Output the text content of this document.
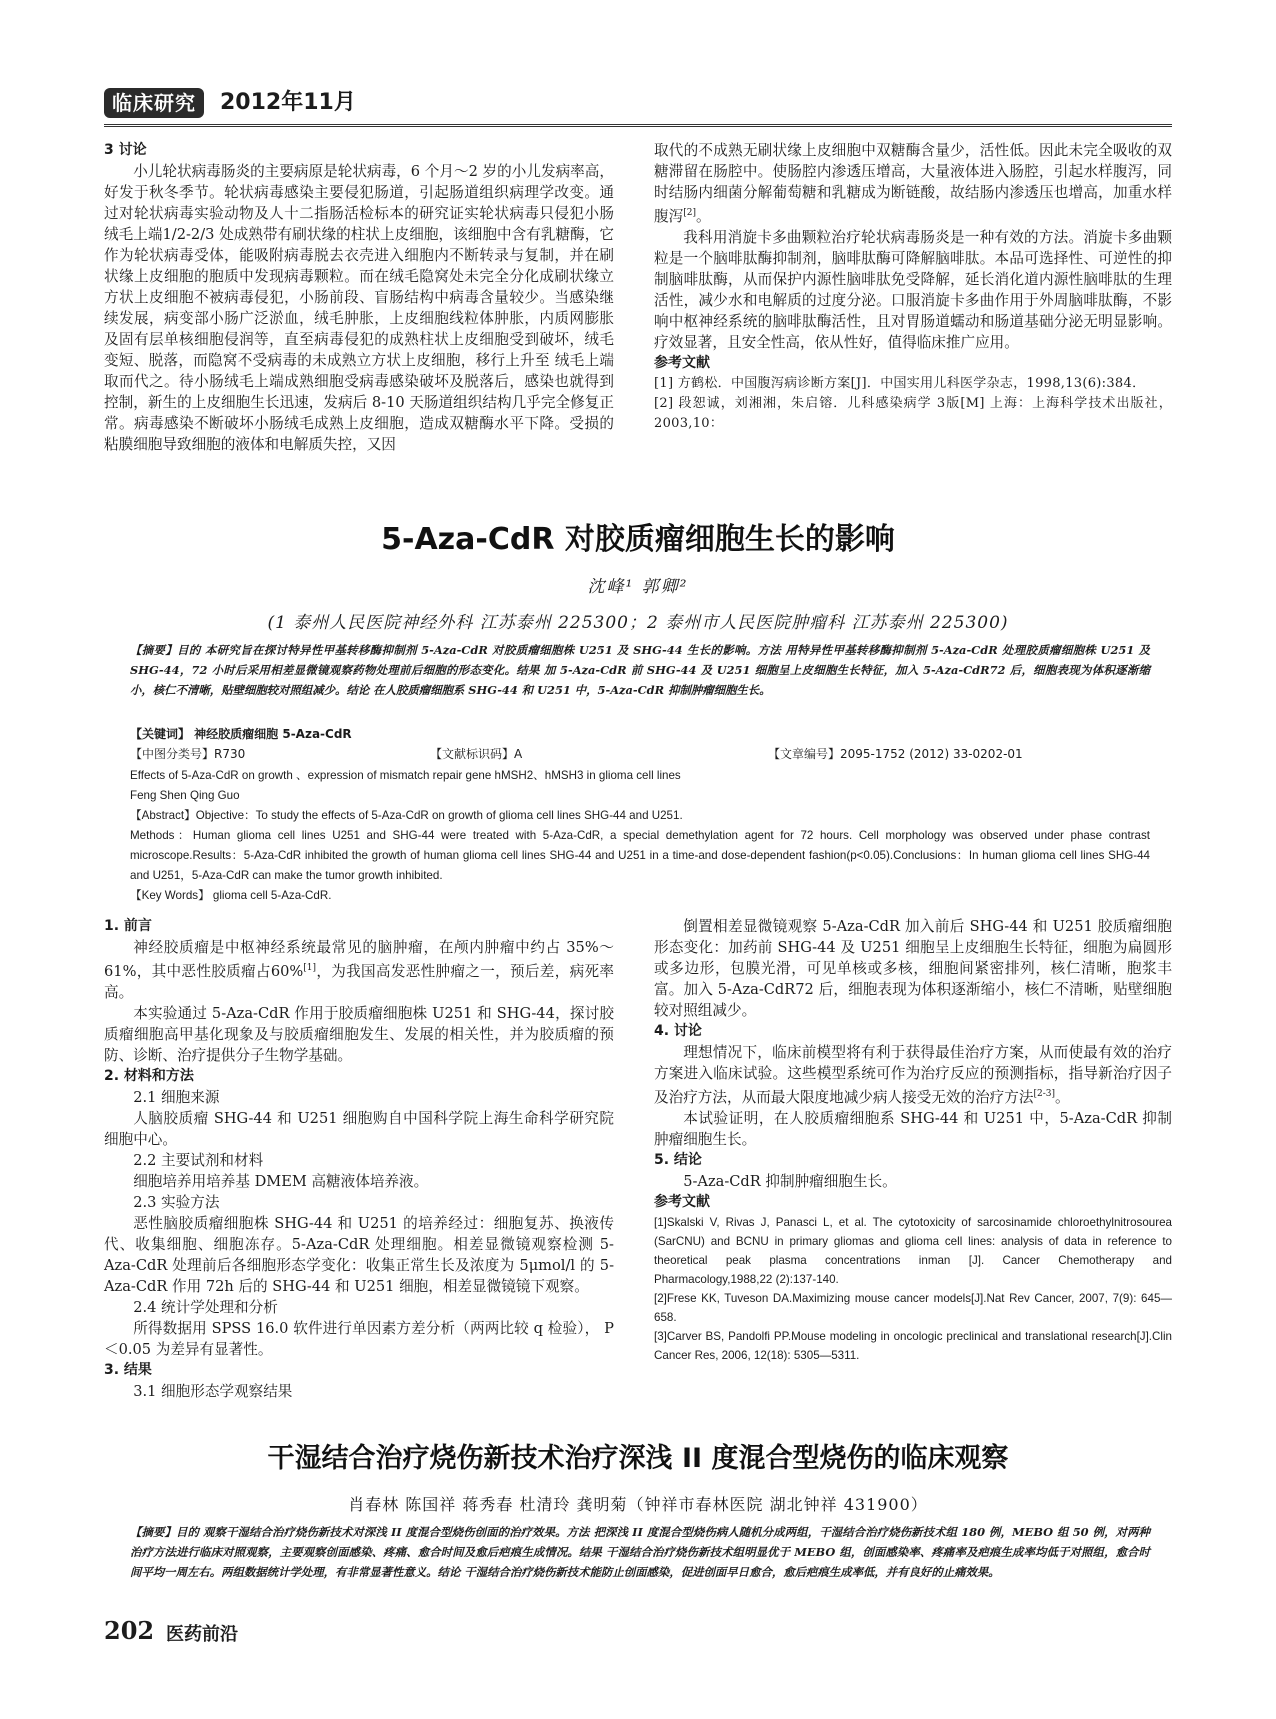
临床研究	2012年11月

3 讨论

小儿轮状病毒肠炎的主要病原是轮状病毒，6 个月～2 岁的小儿发病率高，好发于秋冬季节。轮状病毒感染主要侵犯肠道，引起肠道组织病理学改变。通过对轮状病毒实验动物及人十二指肠活检标本的研究证实轮状病毒只侵犯小肠绒毛上端1/2-2/3 处成熟带有刷状缘的柱状上皮细胞，该细胞中含有乳糖酶，它作为轮状病毒受体，能吸附病毒脱去衣壳进入细胞内不断转录与复制，并在刷状缘上皮细胞的胞质中发现病毒颗粒。而在绒毛隐窝处未完全分化成刷状缘立方状上皮细胞不被病毒侵犯，小肠前段、盲肠结构中病毒含量较少。当感染继续发展，病变部小肠广泛淤血，绒毛肿胀，上皮细胞线粒体肿胀，内质网膨胀及固有层单核细胞侵润等，直至病毒侵犯的成熟柱状上皮细胞受到破坏，绒毛变短、脱落，而隐窝不受病毒的未成熟立方状上皮细胞，移行上升至 绒毛上端取而代之。待小肠绒毛上端成熟细胞受病毒感染破坏及脱落后，感染也就得到控制，新生的上皮细胞生长迅速，发病后 8-10 天肠道组织结构几乎完全修复正常。病毒感染不断破坏小肠绒毛成熟上皮细胞，造成双糖酶水平下降。受损的粘膜细胞导致细胞的液体和电解质失控，又因

取代的不成熟无刷状缘上皮细胞中双糖酶含量少，活性低。因此未完全吸收的双糖滞留在肠腔中。使肠腔内渗透压增高，大量液体进入肠腔，引起水样腹泻，同时结肠内细菌分解葡萄糖和乳糖成为断链酸，故结肠内渗透压也增高，加重水样腹泻[2]。

我科用消旋卡多曲颗粒治疗轮状病毒肠炎是一种有效的方法。消旋卡多曲颗粒是一个脑啡肽酶抑制剂，脑啡肽酶可降解脑啡肽。本品可选择性、可逆性的抑制脑啡肽酶，从而保护内源性脑啡肽免受降解，延长消化道内源性脑啡肽的生理活性，减少水和电解质的过度分泌。口服消旋卡多曲作用于外周脑啡肽酶，不影响中枢神经系统的脑啡肽酶活性，且对胃肠道蠕动和肠道基础分泌无明显影响。疗效显著，且安全性高，依从性好，值得临床推广应用。

参考文献

[1] 方鹤松．中国腹泻病诊断方案[J]．中国实用儿科医学杂志，1998,13(6):384．

[2] 段恕诚，刘湘湘，朱启镕．儿科感染病学 3版[M] 上海：上海科学技术出版社，2003,10：

5-Aza-CdR 对胶质瘤细胞生长的影响
沈峰¹ 郭卿²
(1 泰州人民医院神经外科 江苏泰州 225300；2 泰州市人民医院肿瘤科 江苏泰州 225300)

【摘要】目的 本研究旨在探讨特异性甲基转移酶抑制剂 5-Aza-CdR 对胶质瘤细胞株 U251 及 SHG-44 生长的影响。方法 用特异性甲基转移酶抑制剂 5-Aza-CdR 处理胶质瘤细胞株 U251 及 SHG-44，72 小时后采用相差显微镜观察药物处理前后细胞的形态变化。结果 加 5-Aza-CdR 前 SHG-44 及 U251 细胞呈上皮细胞生长特征，加入 5-Aza-CdR72 后，细胞表现为体积逐渐缩小，核仁不清晰，贴壁细胞较对照组减少。结论 在人胶质瘤细胞系 SHG-44 和 U251 中，5-Aza-CdR 抑制肿瘤细胞生长。

【关键词】 神经胶质瘤细胞 5-Aza-CdR
【中图分类号】R730	【文献标识码】A	【文章编号】2095-1752 (2012) 33-0202-01

Effects of 5-Aza-CdR on growth 、expression of mismatch repair gene hMSH2、hMSH3 in glioma cell lines

Feng Shen Qing Guo

【Abstract】Objective：To study the effects of 5-Aza-CdR on growth of glioma cell lines SHG-44 and U251.

Methods：Human glioma cell lines U251 and SHG-44 were treated with 5-Aza-CdR, a special demethylation agent for 72 hours. Cell morphology was observed under phase contrast microscope.Results：5-Aza-CdR inhibited the growth of human glioma cell lines SHG-44 and U251 in a time-and dose-dependent fashion(p<0.05).Conclusions：In human glioma cell lines SHG-44 and U251，5-Aza-CdR can make the tumor growth inhibited.

【Key Words】 glioma cell 5-Aza-CdR.

1. 前言

神经胶质瘤是中枢神经系统最常见的脑肿瘤，在颅内肿瘤中约占 35%～61%，其中恶性胶质瘤占60%[1]，为我国高发恶性肿瘤之一，预后差，病死率高。

本实验通过 5-Aza-CdR 作用于胶质瘤细胞株 U251 和 SHG-44，探讨胶质瘤细胞高甲基化现象及与胶质瘤细胞发生、发展的相关性，并为胶质瘤的预防、诊断、治疗提供分子生物学基础。

2. 材料和方法

2.1 细胞来源

人脑胶质瘤 SHG-44 和 U251 细胞购自中国科学院上海生命科学研究院细胞中心。

2.2 主要试剂和材料

细胞培养用培养基 DMEM 高糖液体培养液。

2.3 实验方法

恶性脑胶质瘤细胞株 SHG-44 和 U251 的培养经过：细胞复苏、换液传代、收集细胞、细胞冻存。5-Aza-CdR 处理细胞。相差显微镜观察检测 5-Aza-CdR 处理前后各细胞形态学变化：收集正常生长及浓度为 5μmol/l 的 5-Aza-CdR 作用 72h 后的 SHG-44 和 U251 细胞，相差显微镜镜下观察。

2.4 统计学处理和分析

所得数据用 SPSS 16.0 软件进行单因素方差分析（两两比较 q 检验）， P＜0.05 为差异有显著性。

3. 结果

3.1 细胞形态学观察结果

倒置相差显微镜观察 5-Aza-CdR 加入前后 SHG-44 和 U251 胶质瘤细胞形态变化：加药前 SHG-44 及 U251 细胞呈上皮细胞生长特征，细胞为扁圆形或多边形，包膜光滑，可见单核或多核，细胞间紧密排列，核仁清晰，胞浆丰富。加入 5-Aza-CdR72 后，细胞表现为体积逐渐缩小，核仁不清晰，贴壁细胞较对照组减少。

4. 讨论

理想情况下，临床前模型将有利于获得最佳治疗方案，从而使最有效的治疗方案进入临床试验。这些模型系统可作为治疗反应的预测指标，指导新治疗因子及治疗方法，从而最大限度地减少病人接受无效的治疗方法[2-3]。

本试验证明，在人胶质瘤细胞系 SHG-44 和 U251 中，5-Aza-CdR 抑制肿瘤细胞生长。

5. 结论

5-Aza-CdR 抑制肿瘤细胞生长。

参考文献

[1]Skalski V, Rivas J, Panasci L, et al. The cytotoxicity of sarcosinamide chloroethylnitrosourea (SarCNU) and BCNU in primary gliomas and glioma cell lines: analysis of data in reference to theoretical peak plasma concentrations inman [J]. Cancer Chemotherapy and Pharmacology,1988,22 (2):137-140.

[2]Frese KK, Tuveson DA.Maximizing mouse cancer models[J].Nat Rev Cancer, 2007, 7(9): 645—658.

[3]Carver BS, Pandolfi PP.Mouse modeling in oncologic preclinical and translational research[J].Clin Cancer Res, 2006, 12(18): 5305—5311.

干湿结合治疗烧伤新技术治疗深浅 II 度混合型烧伤的临床观察
肖春林 陈国祥 蒋秀春 杜清玲 龚明菊（钟祥市春林医院 湖北钟祥 431900）

【摘要】目的 观察干湿结合治疗烧伤新技术对深浅 II 度混合型烧伤创面的治疗效果。方法 把深浅 II 度混合型烧伤病人随机分成两组，干湿结合治疗烧伤新技术组 180 例，MEBO 组 50 例，对两种治疗方法进行临床对照观察，主要观察创面感染、疼痛、愈合时间及愈后疤痕生成情况。结果 干湿结合治疗烧伤新技术组明显优于 MEBO 组，创面感染率、疼痛率及疤痕生成率均低于对照组，愈合时间平均一周左右。两组数据统计学处理，有非常显著性意义。结论 干湿结合治疗烧伤新技术能防止创面感染，促进创面早日愈合，愈后疤痕生成率低，并有良好的止痛效果。

202 医药前沿
